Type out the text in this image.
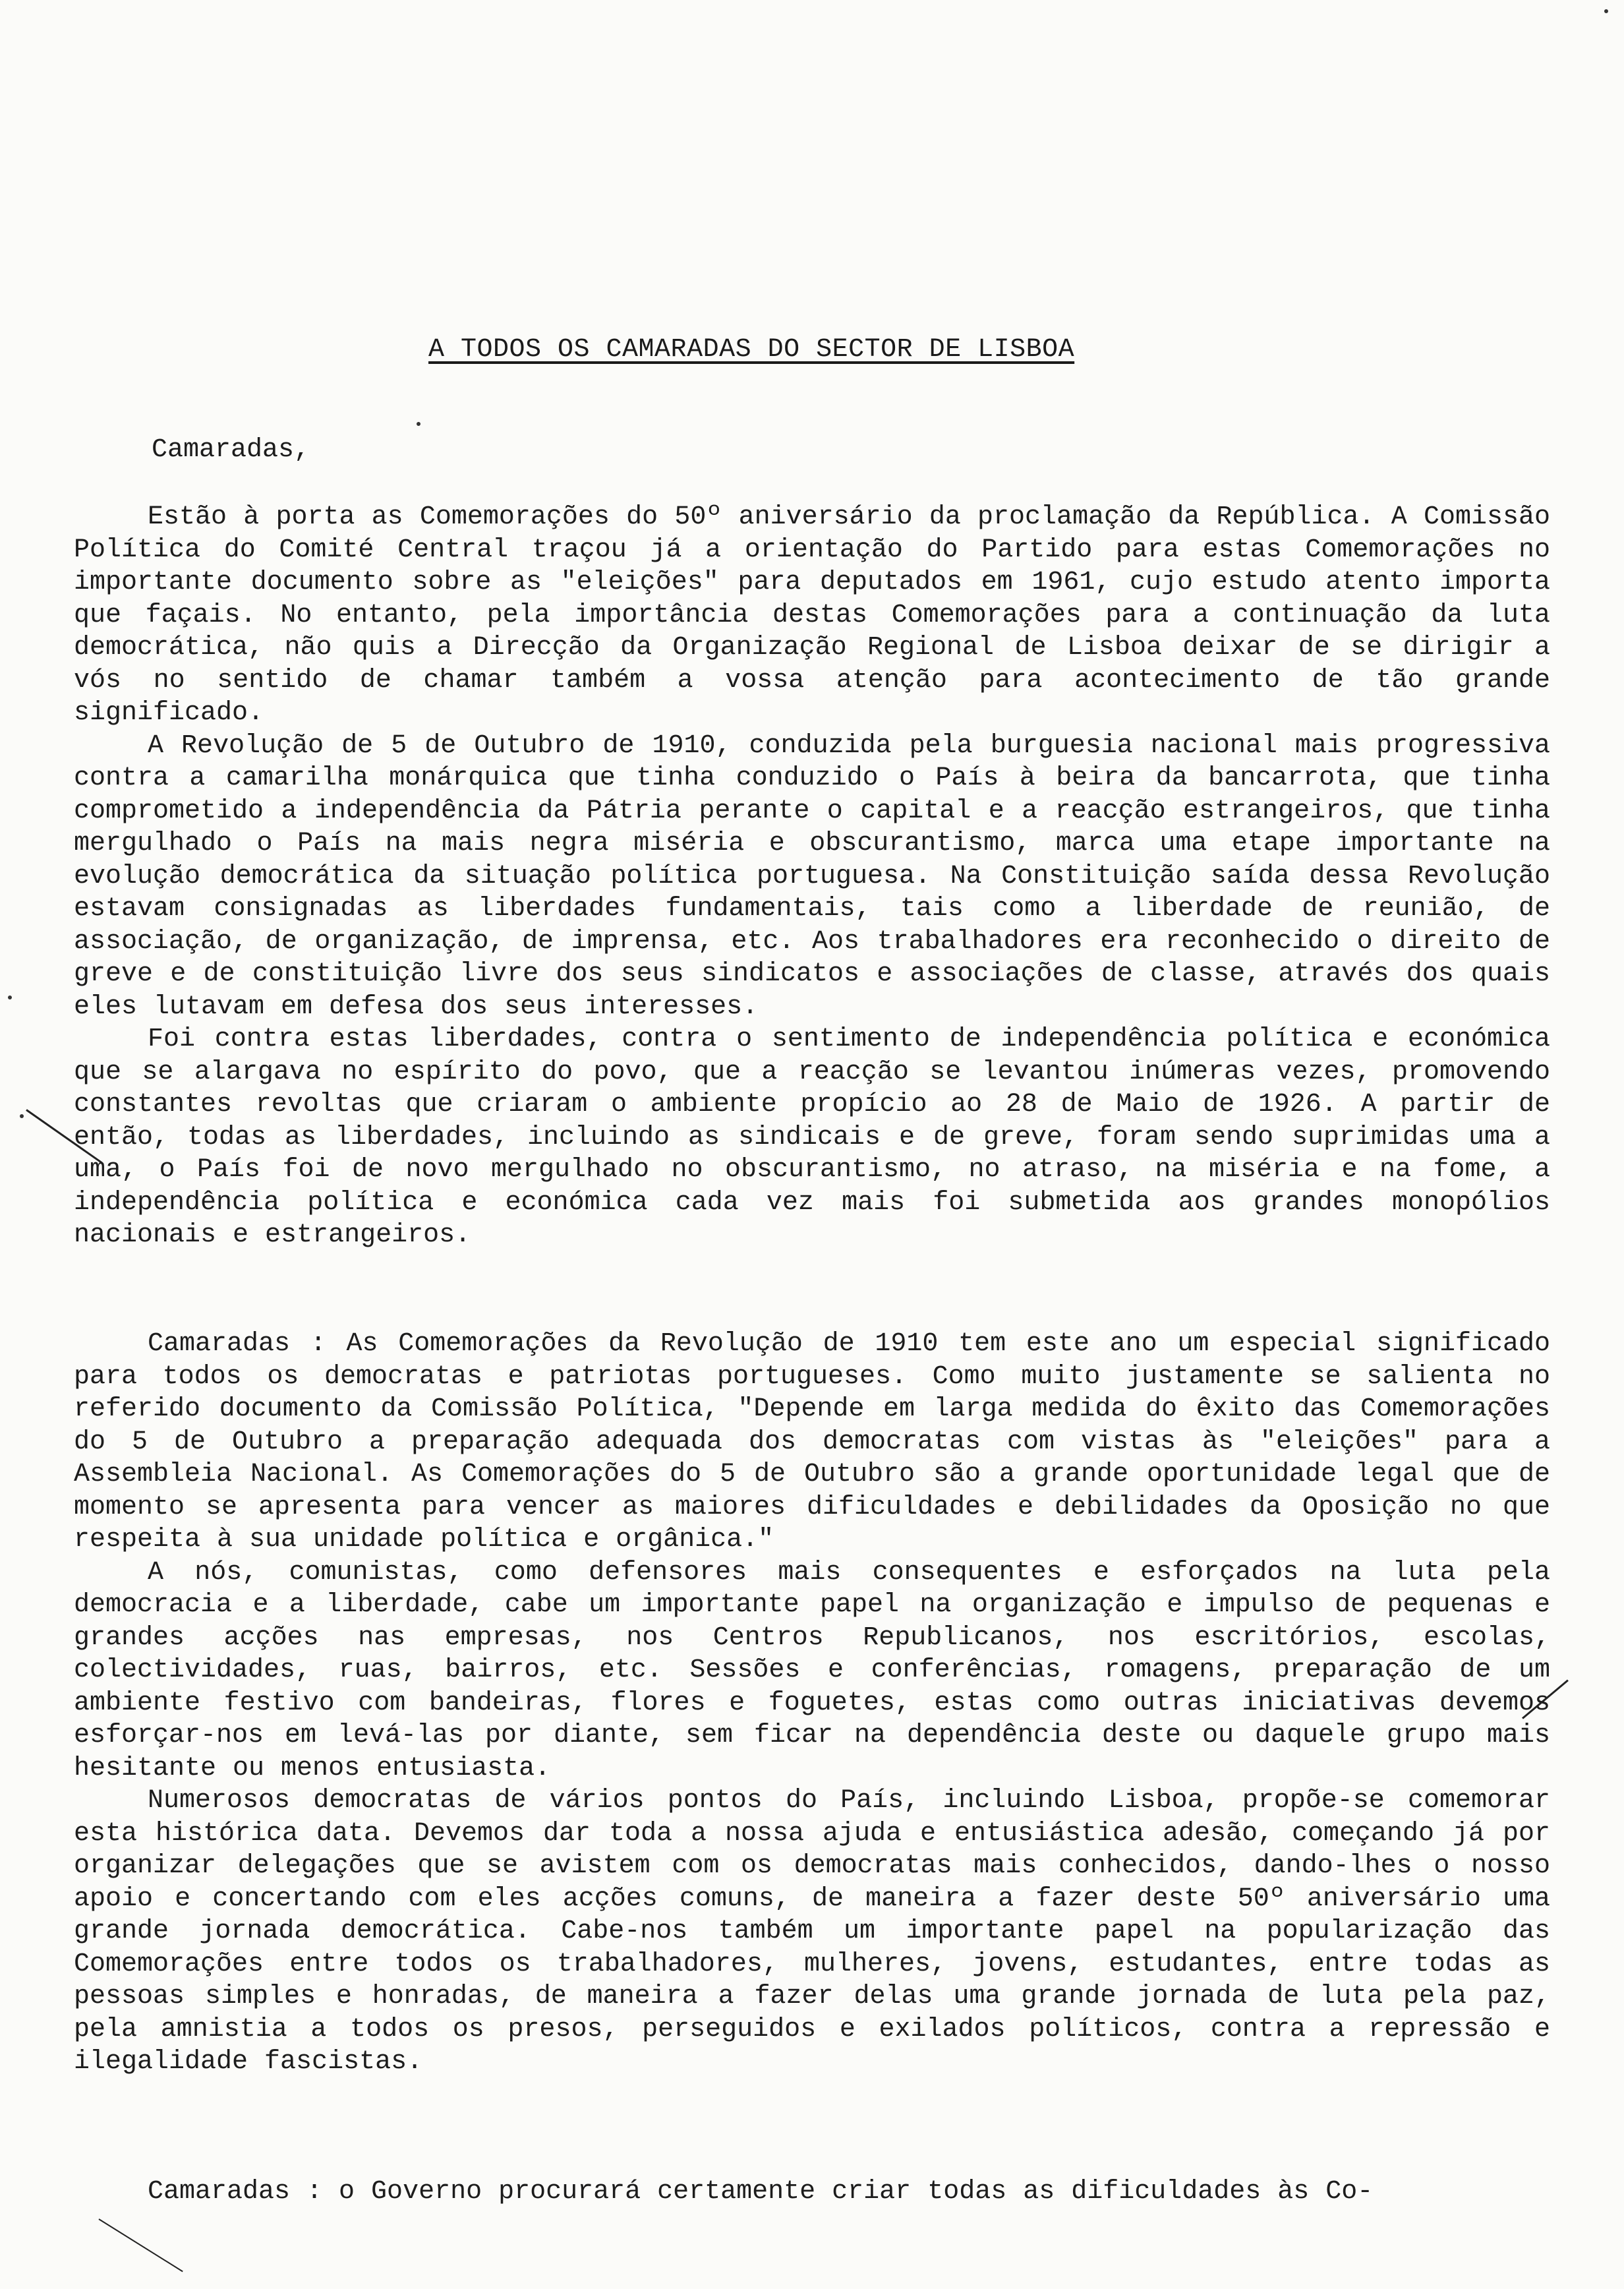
A TODOS OS CAMARADAS DO SECTOR DE LISBOA
Camaradas,

Estão à porta as Comemorações do 50º aniversário da proclamação da República. A Comissão Política do Comité Central traçou já a orientação do Partido para estas Comemorações no importante documento sobre as "eleições" para deputados em 1961, cujo estudo atento importa que façais. No entanto, pela importância destas Comemorações para a continuação da luta democrática, não quis a Direcção da Organização Regional de Lisboa deixar de se dirigir a vós no sentido de chamar também a vossa atenção para acontecimento de tão grande significado.

A Revolução de 5 de Outubro de 1910, conduzida pela burguesia nacional mais progressiva contra a camarilha monárquica que tinha conduzido o País à beira da bancarrota, que tinha comprometido a independência da Pátria perante o capital e a reacção estrangeiros, que tinha mergulhado o País na mais negra miséria e obscurantismo, marca uma etape importante na evolução democrática da situação política portuguesa. Na Constituição saída dessa Revolução estavam consignadas as liberdades fundamentais, tais como a liberdade de reunião, de associação, de organização, de imprensa, etc. Aos trabalhadores era reconhecido o direito de greve e de constituição livre dos seus sindicatos e associações de classe, através dos quais eles lutavam em defesa dos seus interesses.

Foi contra estas liberdades, contra o sentimento de independência política e económica que se alargava no espírito do povo, que a reacção se levantou inúmeras vezes, promovendo constantes revoltas que criaram o ambiente propício ao 28 de Maio de 1926. A partir de então, todas as liberdades, incluindo as sindicais e de greve, foram sendo suprimidas uma a uma, o País foi de novo mergulhado no obscurantismo, no atraso, na miséria e na fome, a independência política e económica cada vez mais foi submetida aos grandes monopólios nacionais e estrangeiros.

Camaradas : As Comemorações da Revolução de 1910 tem este ano um especial significado para todos os democratas e patriotas portugueses. Como muito justamente se salienta no referido documento da Comissão Política, "Depende em larga medida do êxito das Comemorações do 5 de Outubro a preparação adequada dos democratas com vistas às "eleições" para a Assembleia Nacional. As Comemorações do 5 de Outubro são a grande oportunidade legal que de momento se apresenta para vencer as maiores dificuldades e debilidades da Oposição no que respeita à sua unidade política e orgânica."

A nós, comunistas, como defensores mais consequentes e esforçados na luta pela democracia e a liberdade, cabe um importante papel na organização e impulso de pequenas e grandes acções nas empresas, nos Centros Republicanos, nos escritórios, escolas, colectividades, ruas, bairros, etc. Sessões e conferências, romagens, preparação de um ambiente festivo com bandeiras, flores e foguetes, estas como outras iniciativas devemos esforçar-nos em levá-las por diante, sem ficar na dependência deste ou daquele grupo mais hesitante ou menos entusiasta.

Numerosos democratas de vários pontos do País, incluindo Lisboa, propõe-se comemorar esta histórica data. Devemos dar toda a nossa ajuda e entusiástica adesão, começando já por organizar delegações que se avistem com os democratas mais conhecidos, dando-lhes o nosso apoio e concertando com eles acções comuns, de maneira a fazer deste 50º aniversário uma grande jornada democrática. Cabe-nos também um importante papel na popularização das Comemorações entre todos os trabalhadores, mulheres, jovens, estudantes, entre todas as pessoas simples e honradas, de maneira a fazer delas uma grande jornada de luta pela paz, pela amnistia a todos os presos, perseguidos e exilados políticos, contra a repressão e ilegalidade fascistas.

Camaradas : o Governo procurará certamente criar todas as dificuldades às Co-
